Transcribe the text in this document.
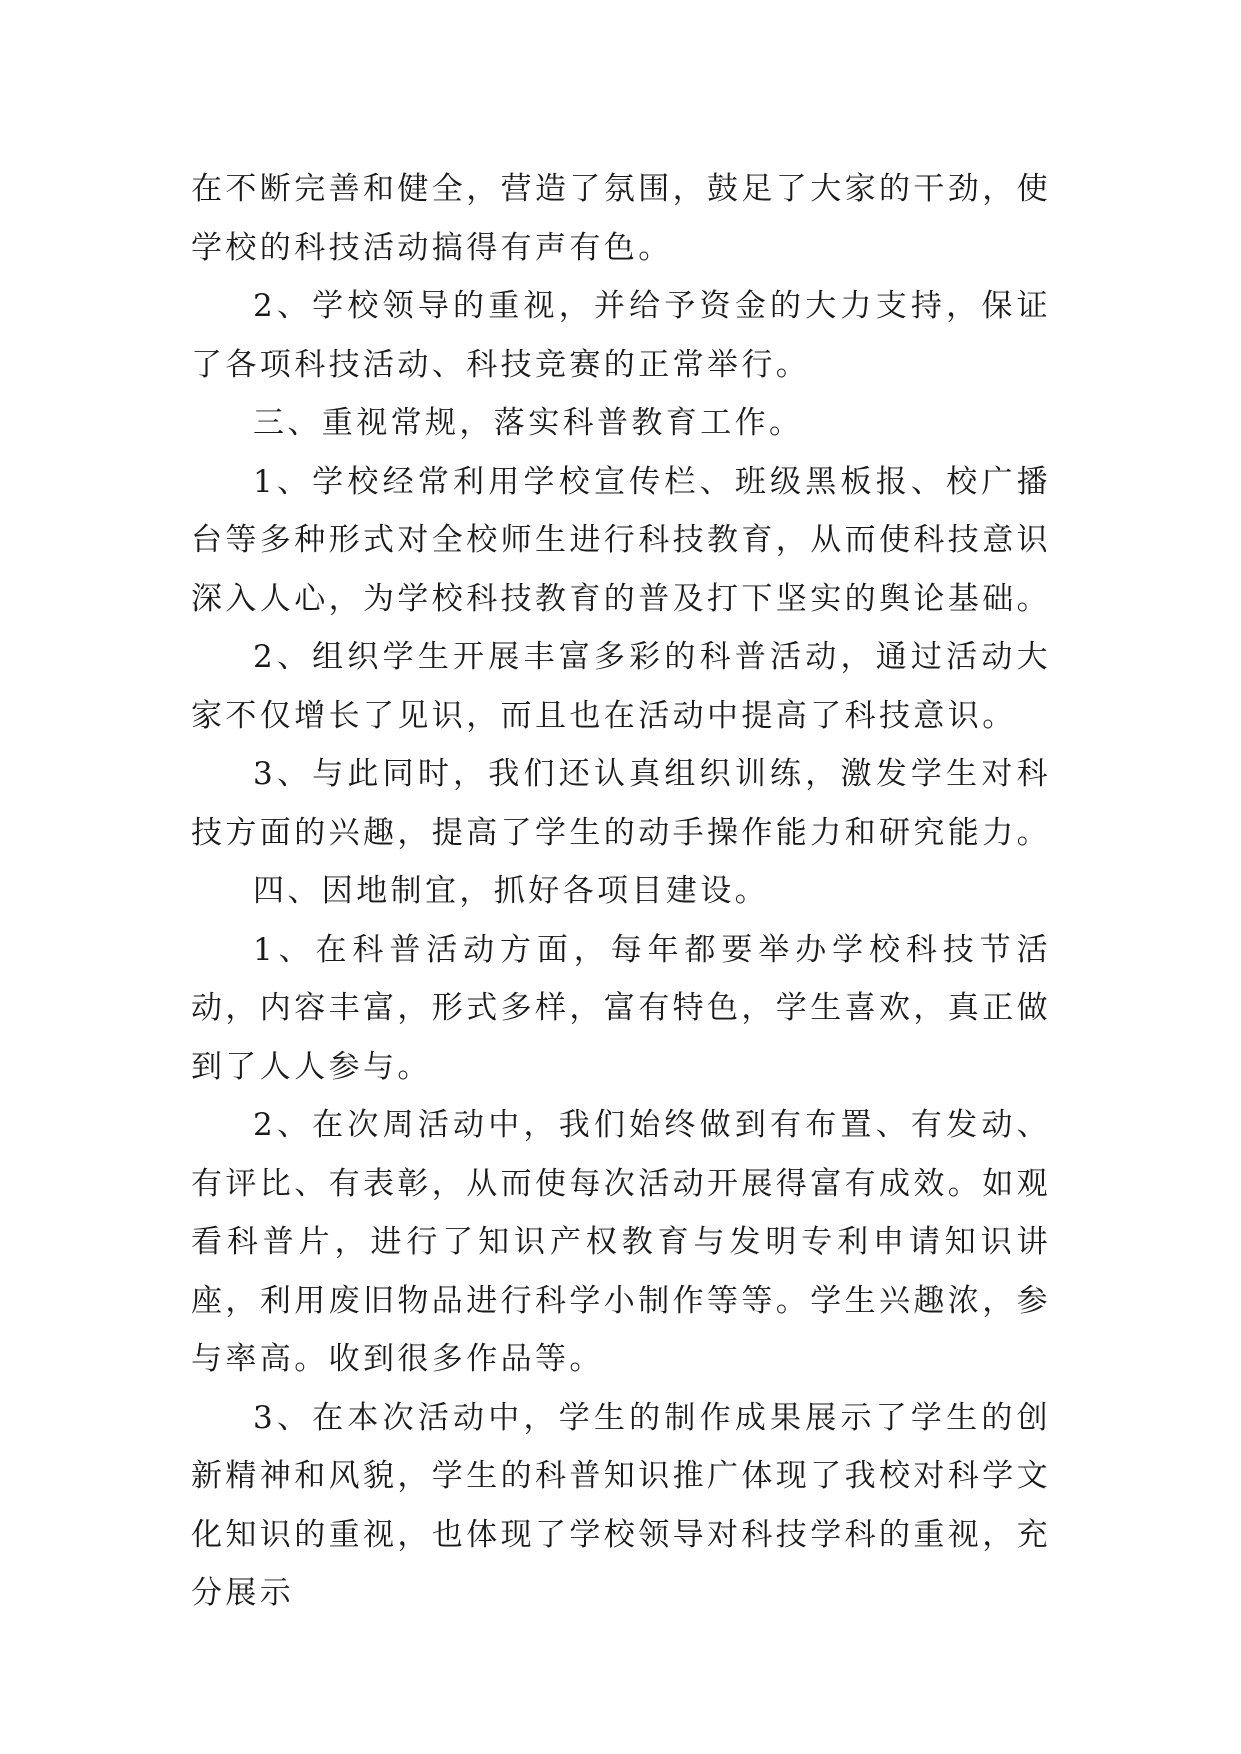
在不断完善和健全，营造了氛围，鼓足了大家的干劲，使学校的科技活动搞得有声有色。

2、学校领导的重视，并给予资金的大力支持，保证了各项科技活动、科技竞赛的正常举行。

三、重视常规，落实科普教育工作。

1、学校经常利用学校宣传栏、班级黑板报、校广播台等多种形式对全校师生进行科技教育，从而使科技意识深入人心，为学校科技教育的普及打下坚实的舆论基础。

2、组织学生开展丰富多彩的科普活动，通过活动大家不仅增长了见识，而且也在活动中提高了科技意识。

3、与此同时，我们还认真组织训练，激发学生对科技方面的兴趣，提高了学生的动手操作能力和研究能力。

四、因地制宜，抓好各项目建设。

1、在科普活动方面，每年都要举办学校科技节活动，内容丰富，形式多样，富有特色，学生喜欢，真正做到了人人参与。

2、在次周活动中，我们始终做到有布置、有发动、有评比、有表彰，从而使每次活动开展得富有成效。如观看科普片，进行了知识产权教育与发明专利申请知识讲座，利用废旧物品进行科学小制作等等。学生兴趣浓，参与率高。收到很多作品等。

3、在本次活动中，学生的制作成果展示了学生的创新精神和风貌，学生的科普知识推广体现了我校对科学文化知识的重视，也体现了学校领导对科技学科的重视，充分展示
